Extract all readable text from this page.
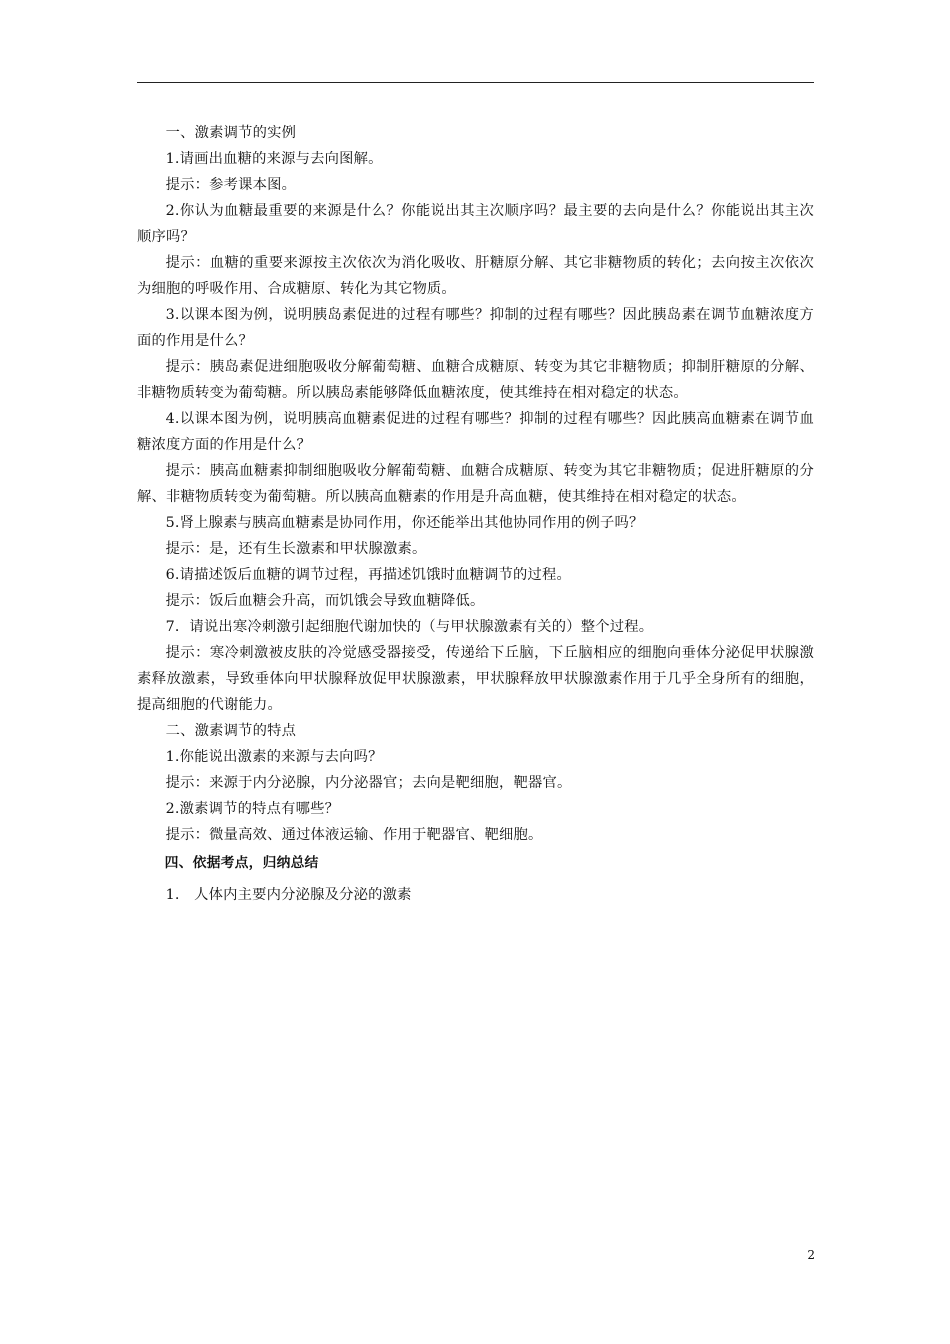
一、激素调节的实例

1.请画出血糖的来源与去向图解。

提示：参考课本图。

2.你认为血糖最重要的来源是什么？你能说出其主次顺序吗？最主要的去向是什么？你能说出其主次顺序吗？

提示：血糖的重要来源按主次依次为消化吸收、肝糖原分解、其它非糖物质的转化；去向按主次依次为细胞的呼吸作用、合成糖原、转化为其它物质。

3.以课本图为例，说明胰岛素促进的过程有哪些？抑制的过程有哪些？因此胰岛素在调节血糖浓度方面的作用是什么？

提示：胰岛素促进细胞吸收分解葡萄糖、血糖合成糖原、转变为其它非糖物质；抑制肝糖原的分解、非糖物质转变为葡萄糖。所以胰岛素能够降低血糖浓度，使其维持在相对稳定的状态。

4.以课本图为例，说明胰高血糖素促进的过程有哪些？抑制的过程有哪些？因此胰高血糖素在调节血糖浓度方面的作用是什么？

提示：胰高血糖素抑制细胞吸收分解葡萄糖、血糖合成糖原、转变为其它非糖物质；促进肝糖原的分解、非糖物质转变为葡萄糖。所以胰高血糖素的作用是升高血糖，使其维持在相对稳定的状态。

5.肾上腺素与胰高血糖素是协同作用，你还能举出其他协同作用的例子吗？

提示：是，还有生长激素和甲状腺激素。

6.请描述饭后血糖的调节过程，再描述饥饿时血糖调节的过程。

提示：饭后血糖会升高，而饥饿会导致血糖降低。

7．请说出寒冷刺激引起细胞代谢加快的（与甲状腺激素有关的）整个过程。

提示：寒冷刺激被皮肤的冷觉感受器接受，传递给下丘脑，下丘脑相应的细胞向垂体分泌促甲状腺激素释放激素，导致垂体向甲状腺释放促甲状腺激素，甲状腺释放甲状腺激素作用于几乎全身所有的细胞，提高细胞的代谢能力。

二、激素调节的特点

1.你能说出激素的来源与去向吗？

提示：来源于内分泌腺，内分泌器官；去向是靶细胞，靶器官。

2.激素调节的特点有哪些？

提示：微量高效、通过体液运输、作用于靶器官、靶细胞。

四、依据考点，归纳总结

1.　人体内主要内分泌腺及分泌的激素

2
